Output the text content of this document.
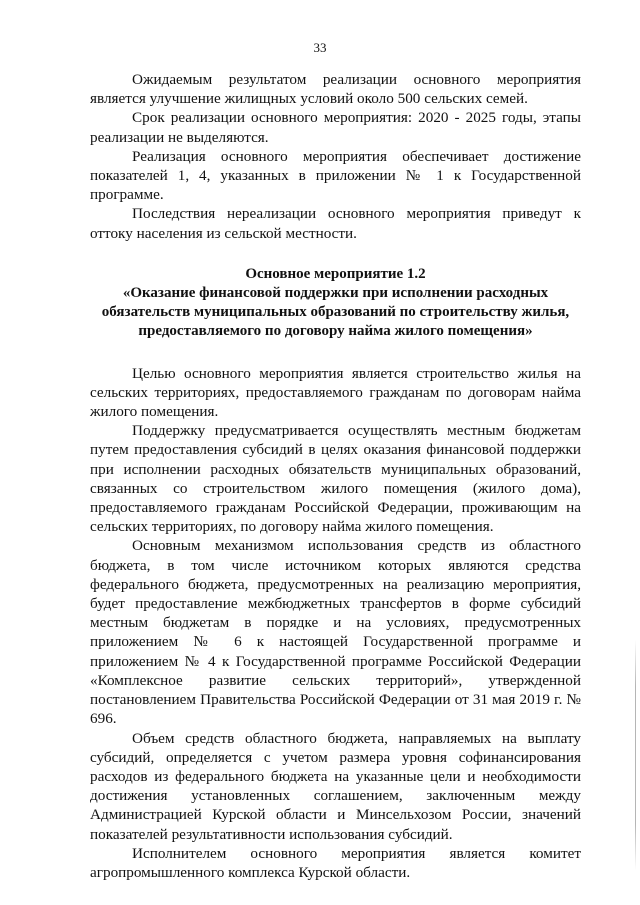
33

Ожидаемым результатом реализации основного мероприятия является улучшение жилищных условий около 500 сельских семей.

Срок реализации основного мероприятия: 2020 - 2025 годы, этапы реализации не выделяются.

Реализация основного мероприятия обеспечивает достижение показателей 1, 4, указанных в приложении № 1 к Государственной программе.

Последствия нереализации основного мероприятия приведут к оттоку населения из сельской местности.

Основное мероприятие 1.2
«Оказание финансовой поддержки при исполнении расходных
обязательств муниципальных образований по строительству жилья,
предоставляемого по договору найма жилого помещения»

Целью основного мероприятия является строительство жилья на сельских территориях, предоставляемого гражданам по договорам найма жилого помещения.

Поддержку предусматривается осуществлять местным бюджетам путем предоставления субсидий в целях оказания финансовой поддержки при исполнении расходных обязательств муниципальных образований, связанных со строительством жилого помещения (жилого дома), предоставляемого гражданам Российской Федерации, проживающим на сельских территориях, по договору найма жилого помещения.

Основным механизмом использования средств из областного бюджета, в том числе источником которых являются средства федерального бюджета, предусмотренных на реализацию мероприятия, будет предоставление межбюджетных трансфертов в форме субсидий местным бюджетам в порядке и на условиях, предусмотренных приложением № 6 к настоящей Государственной программе и приложением № 4 к Государственной программе Российской Федерации «Комплексное развитие сельских территорий», утвержденной постановлением Правительства Российской Федерации от 31 мая 2019 г. № 696.

Объем средств областного бюджета, направляемых на выплату субсидий, определяется с учетом размера уровня софинансирования расходов из федерального бюджета на указанные цели и необходимости достижения установленных соглашением, заключенным между Администрацией Курской области и Минсельхозом России, значений показателей результативности использования субсидий.

Исполнителем основного мероприятия является комитет агропромышленного комплекса Курской области.
